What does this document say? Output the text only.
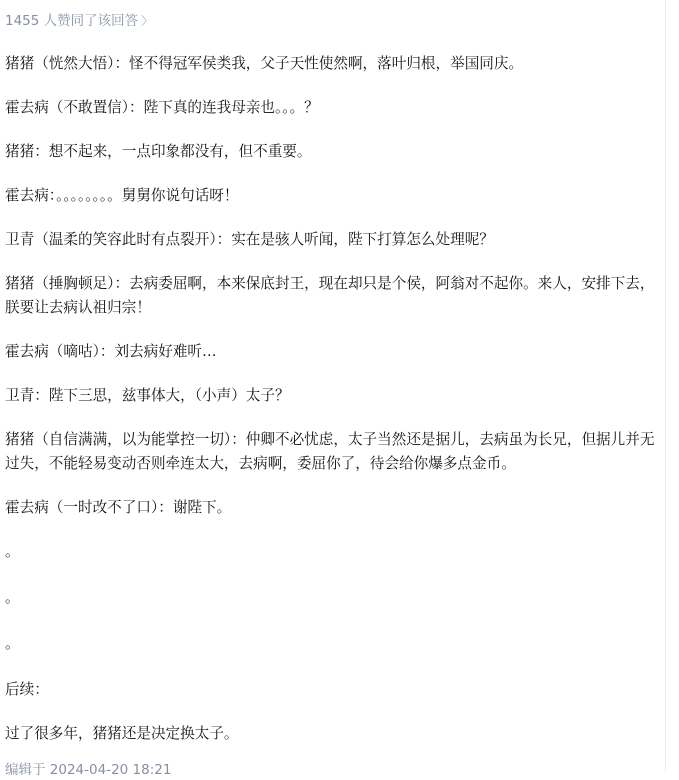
1455 人赞同了该回答 〉

猪猪（恍然大悟）：怪不得冠军侯类我，父子天性使然啊，落叶归根，举国同庆。

霍去病（不敢置信）：陛下真的连我母亲也。。。？

猪猪：想不起来，一点印象都没有，但不重要。

霍去病：。。。。。。。。舅舅你说句话呀！

卫青（温柔的笑容此时有点裂开）：实在是骇人听闻，陛下打算怎么处理呢？

猪猪（捶胸顿足）：去病委屈啊，本来保底封王，现在却只是个侯，阿翁对不起你。来人，安排下去，朕要让去病认祖归宗！

霍去病（嘀咕）：刘去病好难听…

卫青：陛下三思，兹事体大，（小声）太子？

猪猪（自信满满，以为能掌控一切）：仲卿不必忧虑，太子当然还是据儿，去病虽为长兄，但据儿并无过失，不能轻易变动否则牵连太大，去病啊，委屈你了，待会给你爆多点金币。

霍去病（一时改不了口）：谢陛下。

。

。

。

后续：

过了很多年，猪猪还是决定换太子。

编辑于 2024-04-20 18:21
